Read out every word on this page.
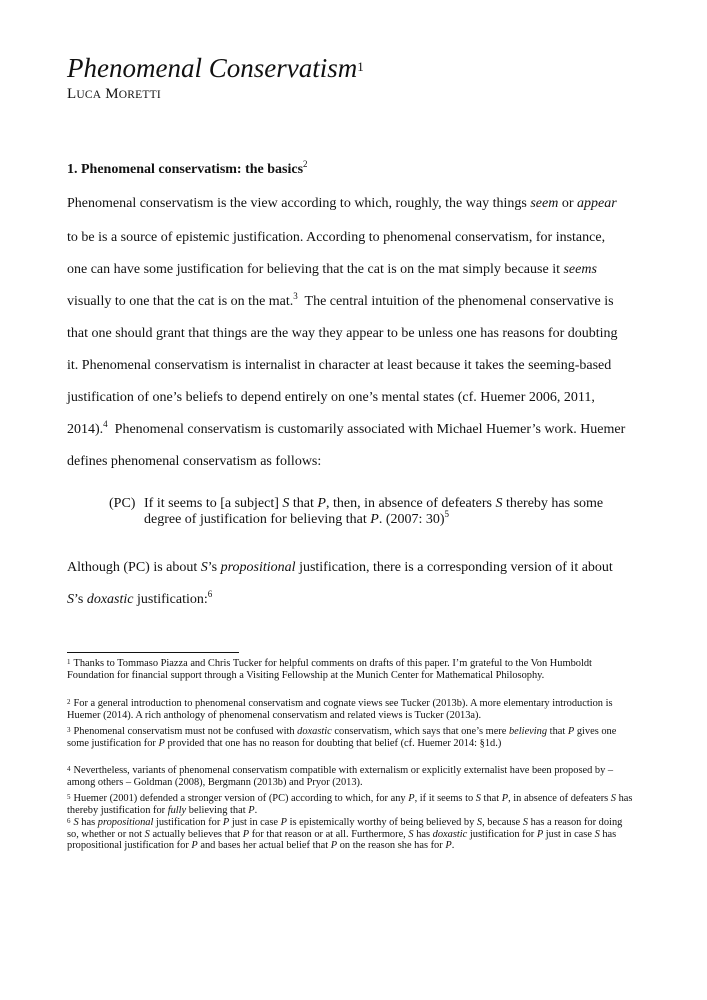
Phenomenal Conservatism$^1$
LUCA MORETTI
1. Phenomenal conservatism: the basics$^2$
Phenomenal conservatism is the view according to which, roughly, the way things seem or appear
to be is a source of epistemic justification. According to phenomenal conservatism, for instance,
one can have some justification for believing that the cat is on the mat simply because it seems
visually to one that the cat is on the mat.$^3$  The central intuition of the phenomenal conservative is
that one should grant that things are the way they appear to be unless one has reasons for doubting
it. Phenomenal conservatism is internalist in character at least because it takes the seeming-based
justification of one’s beliefs to depend entirely on one’s mental states (cf. Huemer 2006, 2011,
2014).$^4$  Phenomenal conservatism is customarily associated with Michael Huemer’s work. Huemer
defines phenomenal conservatism as follows:
(PC) If it seems to [a subject] S that P, then, in absence of defeaters S thereby has some
degree of justification for believing that P. (2007: 30)$^5$
Although (PC) is about S’s propositional justification, there is a corresponding version of it about
S’s doxastic justification:$^6$
$^1$ Thanks to Tommaso Piazza and Chris Tucker for helpful comments on drafts of this paper. I’m grateful to the Von Humboldt Foundation for financial support through a Visiting Fellowship at the Munich Center for Mathematical Philosophy.
$^2$ For a general introduction to phenomenal conservatism and cognate views see Tucker (2013b). A more elementary introduction is Huemer (2014). A rich anthology of phenomenal conservatism and related views is Tucker (2013a).
$^3$ Phenomenal conservatism must not be confused with doxastic conservatism, which says that one’s mere believing that P gives one some justification for P provided that one has no reason for doubting that belief (cf. Huemer 2014: §1d.)
$^4$ Nevertheless, variants of phenomenal conservatism compatible with externalism or explicitly externalist have been proposed by – among others – Goldman (2008), Bergmann (2013b) and Pryor (2013).
$^5$ Huemer (2001) defended a stronger version of (PC) according to which, for any P, if it seems to S that P, in absence of defeaters S has thereby justification for fully believing that P.
$^6$ S has propositional justification for P just in case P is epistemically worthy of being believed by S, because S has a reason for doing so, whether or not S actually believes that P for that reason or at all. Furthermore, S has doxastic justification for P just in case S has propositional justification for P and bases her actual belief that P on the reason she has for P.
